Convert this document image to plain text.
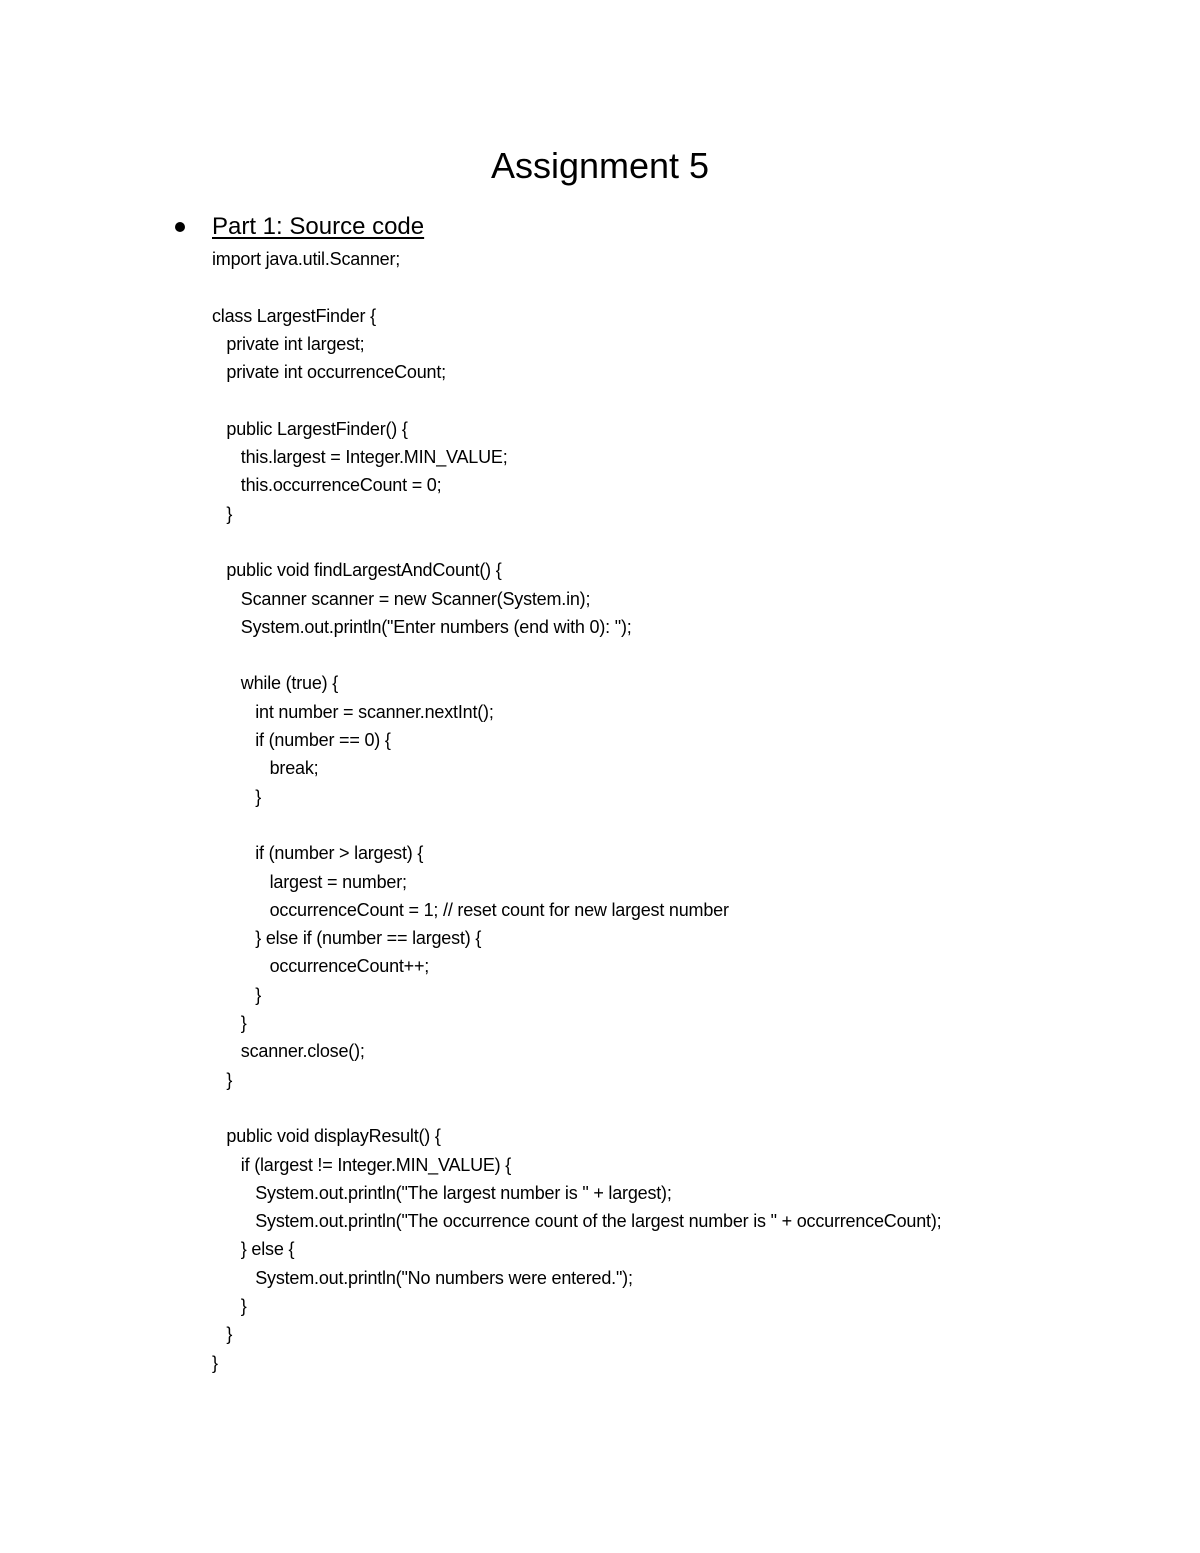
Assignment 5
Part 1: Source code
import java.util.Scanner;

class LargestFinder {
private int largest;
private int occurrenceCount;

public LargestFinder() {
this.largest = Integer.MIN_VALUE;
this.occurrenceCount = 0;
}

public void findLargestAndCount() {
Scanner scanner = new Scanner(System.in);
System.out.println("Enter numbers (end with 0): ");

while (true) {
int number = scanner.nextInt();
if (number == 0) {
break;
}

if (number > largest) {
largest = number;
occurrenceCount = 1; // reset count for new largest number
} else if (number == largest) {
occurrenceCount++;
}
}
scanner.close();
}

public void displayResult() {
if (largest != Integer.MIN_VALUE) {
System.out.println("The largest number is " + largest);
System.out.println("The occurrence count of the largest number is " + occurrenceCount);
} else {
System.out.println("No numbers were entered.");
}
}
}
